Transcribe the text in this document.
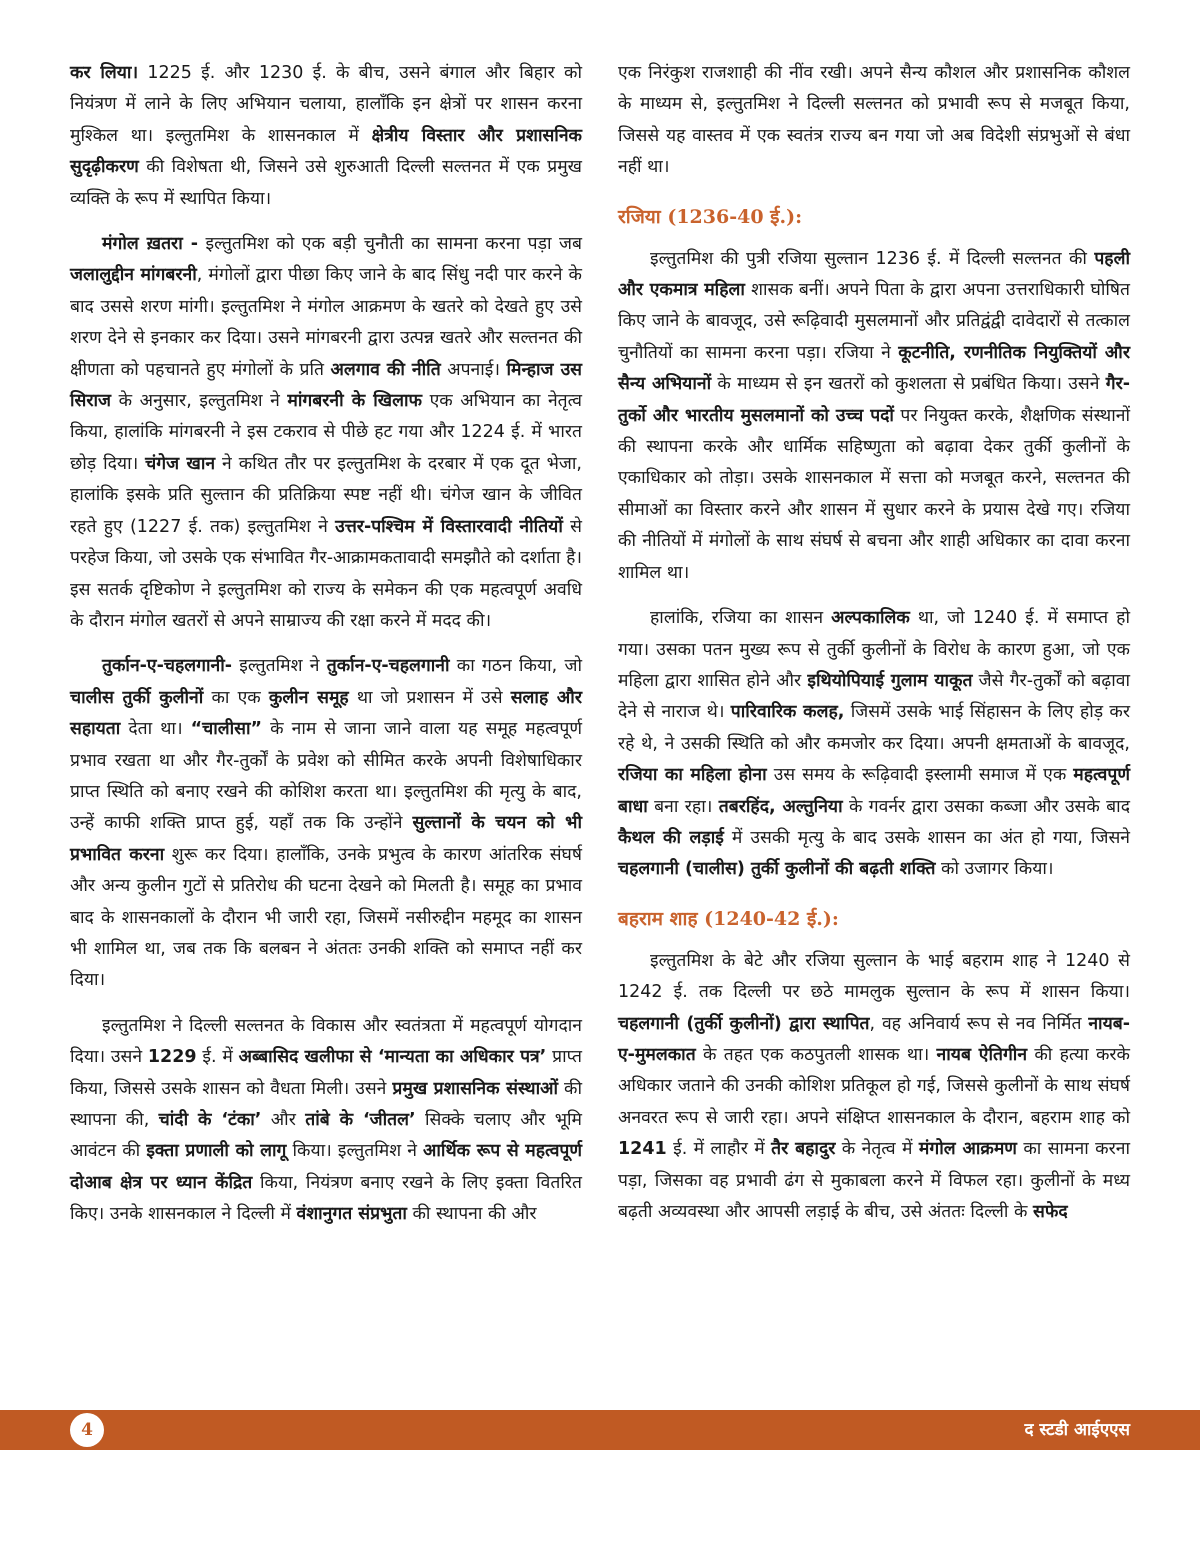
कर लिया। 1225 ई. और 1230 ई. के बीच, उसने बंगाल और बिहार को नियंत्रण में लाने के लिए अभियान चलाया, हालाँकि इन क्षेत्रों पर शासन करना मुश्किल था। इल्तुतमिश के शासनकाल में क्षेत्रीय विस्तार और प्रशासनिक सुदृढ़ीकरण की विशेषता थी, जिसने उसे शुरुआती दिल्ली सल्तनत में एक प्रमुख व्यक्ति के रूप में स्थापित किया।

मंगोल ख़तरा - इल्तुतमिश को एक बड़ी चुनौती का सामना करना पड़ा जब जलालुद्दीन मांगबरनी, मंगोलों द्वारा पीछा किए जाने के बाद सिंधु नदी पार करने के बाद उससे शरण मांगी। इल्तुतमिश ने मंगोल आक्रमण के खतरे को देखते हुए उसे शरण देने से इनकार कर दिया। उसने मांगबरनी द्वारा उत्पन्न खतरे और सल्तनत की क्षीणता को पहचानते हुए मंगोलों के प्रति अलगाव की नीति अपनाई। मिन्हाज उस सिराज के अनुसार, इल्तुतमिश ने मांगबरनी के खिलाफ एक अभियान का नेतृत्व किया, हालांकि मांगबरनी ने इस टकराव से पीछे हट गया और 1224 ई. में भारत छोड़ दिया। चंगेज खान ने कथित तौर पर इल्तुतमिश के दरबार में एक दूत भेजा, हालांकि इसके प्रति सुल्तान की प्रतिक्रिया स्पष्ट नहीं थी। चंगेज खान के जीवित रहते हुए (1227 ई. तक) इल्तुतमिश ने उत्तर-पश्चिम में विस्तारवादी नीतियों से परहेज किया, जो उसके एक संभावित गैर-आक्रामकतावादी समझौते को दर्शाता है। इस सतर्क दृष्टिकोण ने इल्तुतमिश को राज्य के समेकन की एक महत्वपूर्ण अवधि के दौरान मंगोल खतरों से अपने साम्राज्य की रक्षा करने में मदद की।

तुर्कान-ए-चहलगानी- इल्तुतमिश ने तुर्कान-ए-चहलगानी का गठन किया, जो चालीस तुर्की कुलीनों का एक कुलीन समूह था जो प्रशासन में उसे सलाह और सहायता देता था। “चालीसा” के नाम से जाना जाने वाला यह समूह महत्वपूर्ण प्रभाव रखता था और गैर-तुर्कों के प्रवेश को सीमित करके अपनी विशेषाधिकार प्राप्त स्थिति को बनाए रखने की कोशिश करता था। इल्तुतमिश की मृत्यु के बाद, उन्हें काफी शक्ति प्राप्त हुई, यहाँ तक कि उन्होंने सुल्तानों के चयन को भी प्रभावित करना शुरू कर दिया। हालाँकि, उनके प्रभुत्व के कारण आंतरिक संघर्ष और अन्य कुलीन गुटों से प्रतिरोध की घटना देखने को मिलती है। समूह का प्रभाव बाद के शासनकालों के दौरान भी जारी रहा, जिसमें नसीरुद्दीन महमूद का शासन भी शामिल था, जब तक कि बलबन ने अंततः उनकी शक्ति को समाप्त नहीं कर दिया।

इल्तुतमिश ने दिल्ली सल्तनत के विकास और स्वतंत्रता में महत्वपूर्ण योगदान दिया। उसने 1229 ई. में अब्बासिद खलीफा से ‘मान्यता का अधिकार पत्र’ प्राप्त किया, जिससे उसके शासन को वैधता मिली। उसने प्रमुख प्रशासनिक संस्थाओं की स्थापना की, चांदी के ‘टंका’ और तांबे के ‘जीतल’ सिक्के चलाए और भूमि आवंटन की इक्ता प्रणाली को लागू किया। इल्तुतमिश ने आर्थिक रूप से महत्वपूर्ण दोआब क्षेत्र पर ध्यान केंद्रित किया, नियंत्रण बनाए रखने के लिए इक्ता वितरित किए। उनके शासनकाल ने दिल्ली में वंशानुगत संप्रभुता की स्थापना की और

एक निरंकुश राजशाही की नींव रखी। अपने सैन्य कौशल और प्रशासनिक कौशल के माध्यम से, इल्तुतमिश ने दिल्ली सल्तनत को प्रभावी रूप से मजबूत किया, जिससे यह वास्तव में एक स्वतंत्र राज्य बन गया जो अब विदेशी संप्रभुओं से बंधा नहीं था।

रजिया (1236-40 ई.):

इल्तुतमिश की पुत्री रजिया सुल्तान 1236 ई. में दिल्ली सल्तनत की पहली और एकमात्र महिला शासक बनीं। अपने पिता के द्वारा अपना उत्तराधिकारी घोषित किए जाने के बावजूद, उसे रूढ़िवादी मुसलमानों और प्रतिद्वंद्वी दावेदारों से तत्काल चुनौतियों का सामना करना पड़ा। रजिया ने कूटनीति, रणनीतिक नियुक्तियों और सैन्य अभियानों के माध्यम से इन खतरों को कुशलता से प्रबंधित किया। उसने गैर-तुर्को और भारतीय मुसलमानों को उच्च पदों पर नियुक्त करके, शैक्षणिक संस्थानों की स्थापना करके और धार्मिक सहिष्णुता को बढ़ावा देकर तुर्की कुलीनों के एकाधिकार को तोड़ा। उसके शासनकाल में सत्ता को मजबूत करने, सल्तनत की सीमाओं का विस्तार करने और शासन में सुधार करने के प्रयास देखे गए। रजिया की नीतियों में मंगोलों के साथ संघर्ष से बचना और शाही अधिकार का दावा करना शामिल था।

हालांकि, रजिया का शासन अल्पकालिक था, जो 1240 ई. में समाप्त हो गया। उसका पतन मुख्य रूप से तुर्की कुलीनों के विरोध के कारण हुआ, जो एक महिला द्वारा शासित होने और इथियोपियाई गुलाम याकूत जैसे गैर-तुर्कों को बढ़ावा देने से नाराज थे। पारिवारिक कलह, जिसमें उसके भाई सिंहासन के लिए होड़ कर रहे थे, ने उसकी स्थिति को और कमजोर कर दिया। अपनी क्षमताओं के बावजूद, रजिया का महिला होना उस समय के रूढ़िवादी इस्लामी समाज में एक महत्वपूर्ण बाधा बना रहा। तबरहिंद, अल्तुनिया के गवर्नर द्वारा उसका कब्जा और उसके बाद कैथल की लड़ाई में उसकी मृत्यु के बाद उसके शासन का अंत हो गया, जिसने चहलगानी (चालीस) तुर्की कुलीनों की बढ़ती शक्ति को उजागर किया।

बहराम शाह (1240-42 ई.):

इल्तुतमिश के बेटे और रजिया सुल्तान के भाई बहराम शाह ने 1240 से 1242 ई. तक दिल्ली पर छठे मामलुक सुल्तान के रूप में शासन किया। चहलगानी (तुर्की कुलीनों) द्वारा स्थापित, वह अनिवार्य रूप से नव निर्मित नायब-ए-मुमलकात के तहत एक कठपुतली शासक था। नायब ऐतिगीन की हत्या करके अधिकार जताने की उनकी कोशिश प्रतिकूल हो गई, जिससे कुलीनों के साथ संघर्ष अनवरत रूप से जारी रहा। अपने संक्षिप्त शासनकाल के दौरान, बहराम शाह को 1241 ई. में लाहौर में तैर बहादुर के नेतृत्व में मंगोल आक्रमण का सामना करना पड़ा, जिसका वह प्रभावी ढंग से मुकाबला करने में विफल रहा। कुलीनों के मध्य बढ़ती अव्यवस्था और आपसी लड़ाई के बीच, उसे अंततः दिल्ली के सफेद

4	द स्टडी आईएएस
